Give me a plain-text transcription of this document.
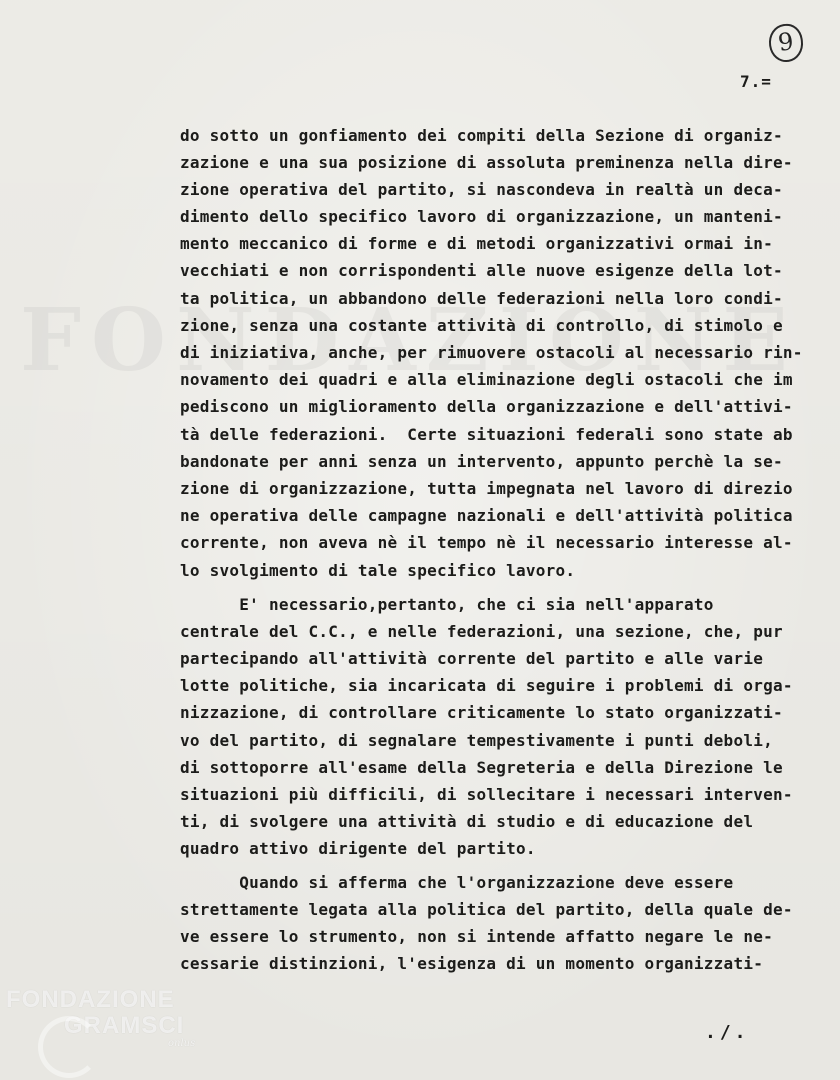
9
7.=
do sotto un gonfiamento dei compiti della Sezione di organiz-
zazione e una sua posizione di assoluta preminenza nella dire-
zione operativa del partito, si nascondeva in realtà un deca-
dimento dello specifico lavoro di organizzazione, un manteni-
mento meccanico di forme e di metodi organizzativi ormai in-
vecchiati e non corrispondenti alle nuove esigenze della lot-
ta politica, un abbandono delle federazioni nella loro condi-
zione, senza una costante attività di controllo, di stimolo e
di iniziativa, anche, per rimuovere ostacoli al necessario rin-
novamento dei quadri e alla eliminazione degli ostacoli che im
pediscono un miglioramento della organizzazione e dell'attivi-
tà delle federazioni.  Certe situazioni federali sono state ab
bandonate per anni senza un intervento, appunto perchè la se-
zione di organizzazione, tutta impegnata nel lavoro di direzio
ne operativa delle campagne nazionali e dell'attività politica
corrente, non aveva nè il tempo nè il necessario interesse al-
lo svolgimento di tale specifico lavoro.
E' necessario,pertanto, che ci sia nell'apparato
centrale del C.C., e nelle federazioni, una sezione, che, pur
partecipando all'attività corrente del partito e alle varie
lotte politiche, sia incaricata di seguire i problemi di orga-
nizzazione, di controllare criticamente lo stato organizzati-
vo del partito, di segnalare tempestivamente i punti deboli,
di sottoporre all'esame della Segreteria e della Direzione le
situazioni più difficili, di sollecitare i necessari interven-
ti, di svolgere una attività di studio e di educazione del
quadro attivo dirigente del partito.
Quando si afferma che l'organizzazione deve essere
strettamente legata alla politica del partito, della quale de-
ve essere lo strumento, non si intende affatto negare le ne-
cessarie distinzioni, l'esigenza di un momento organizzati-
./.
FONDAZIONE
GRAMSCI
onlus
